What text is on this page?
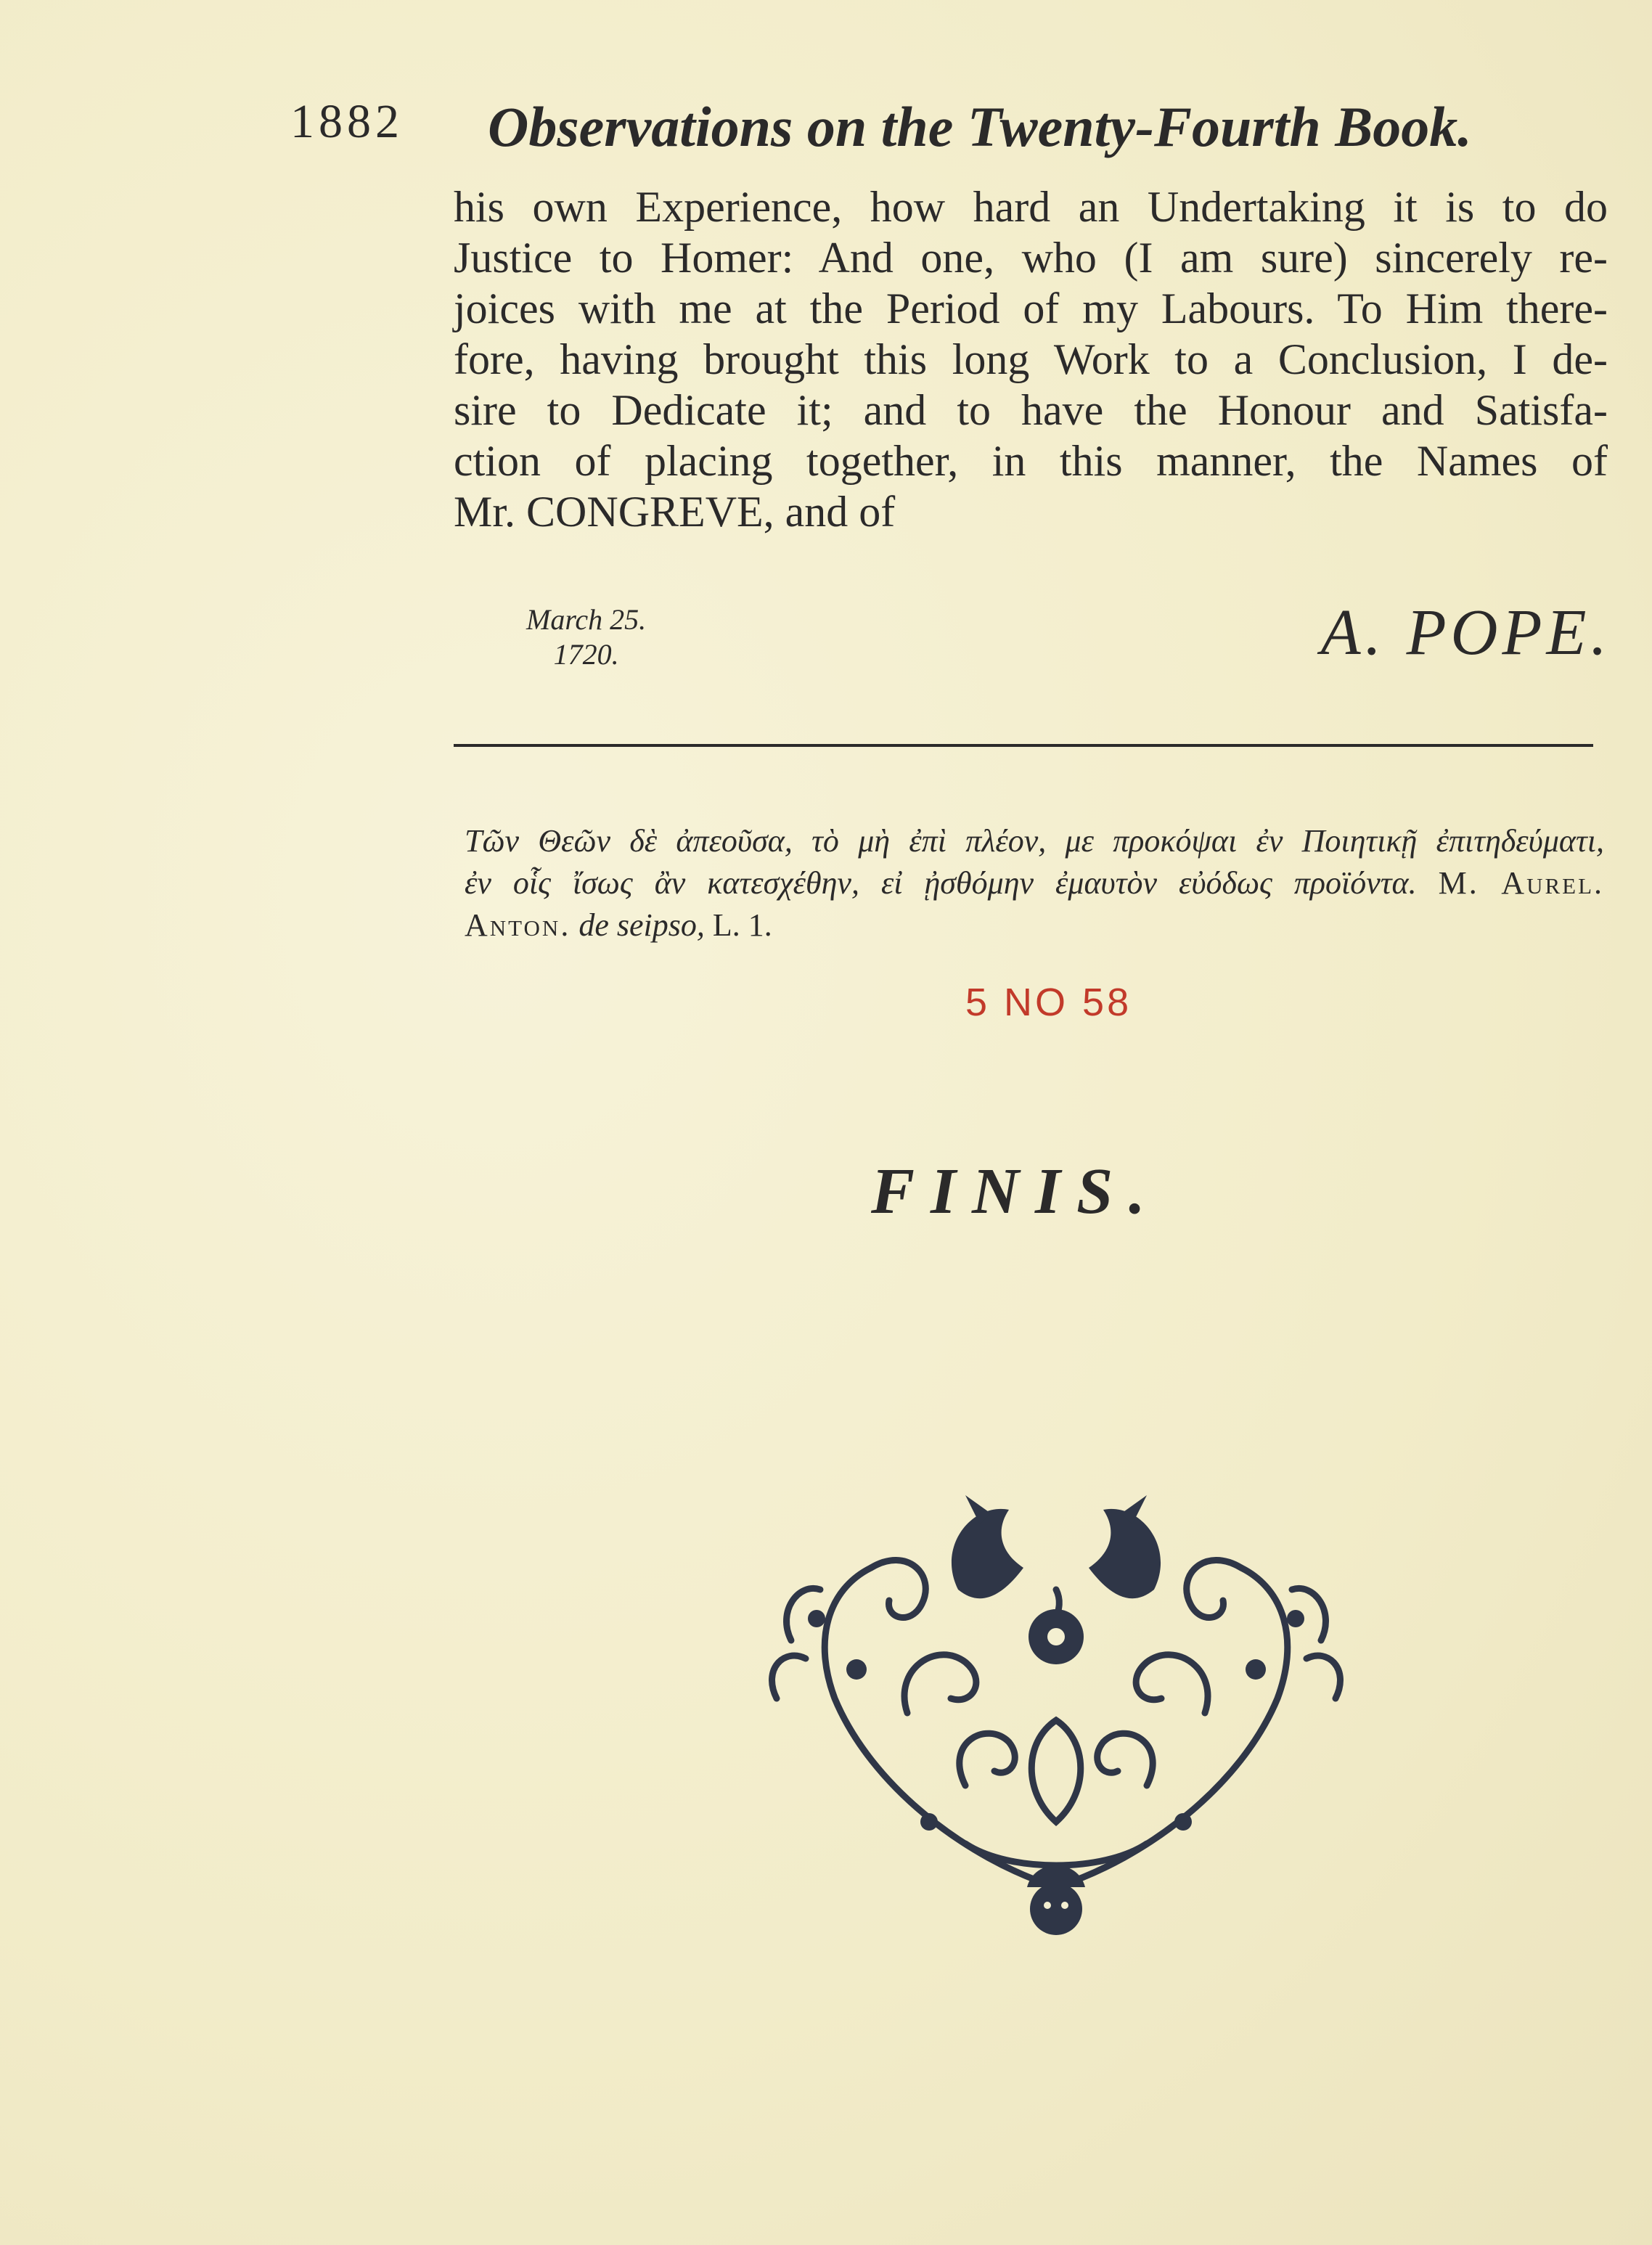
1882 Observations on the Twenty-Fourth Book.
his own Experience, how hard an Undertaking it is to do
Justice to Homer: And one, who (I am sure) sincerely re-
joices with me at the Period of my Labours. To Him there-
fore, having brought this long Work to a Conclusion, I de-
sire to Dedicate it; and to have the Honour and Satisfa-
ction of placing together, in this manner, the Names of
Mr. CONGREVE, and of
March 25.
1720.	A. POPE.
Τῶν Θεῶν δὲ ἀπεοῦσα, τὸ μὴ ἐπὶ πλέον, με προκόψαι ἐν Ποιητικῇ ἐπιτηδεύματι,
ἐν οἷς ἴσως ἂν κατεσχέθην, εἰ ᾐσθόμην ἐμαυτὸν εὐόδως προϊόντα. M. Aurel.
Anton. de seipso, L. 1.
5 NO 58
FINIS.
